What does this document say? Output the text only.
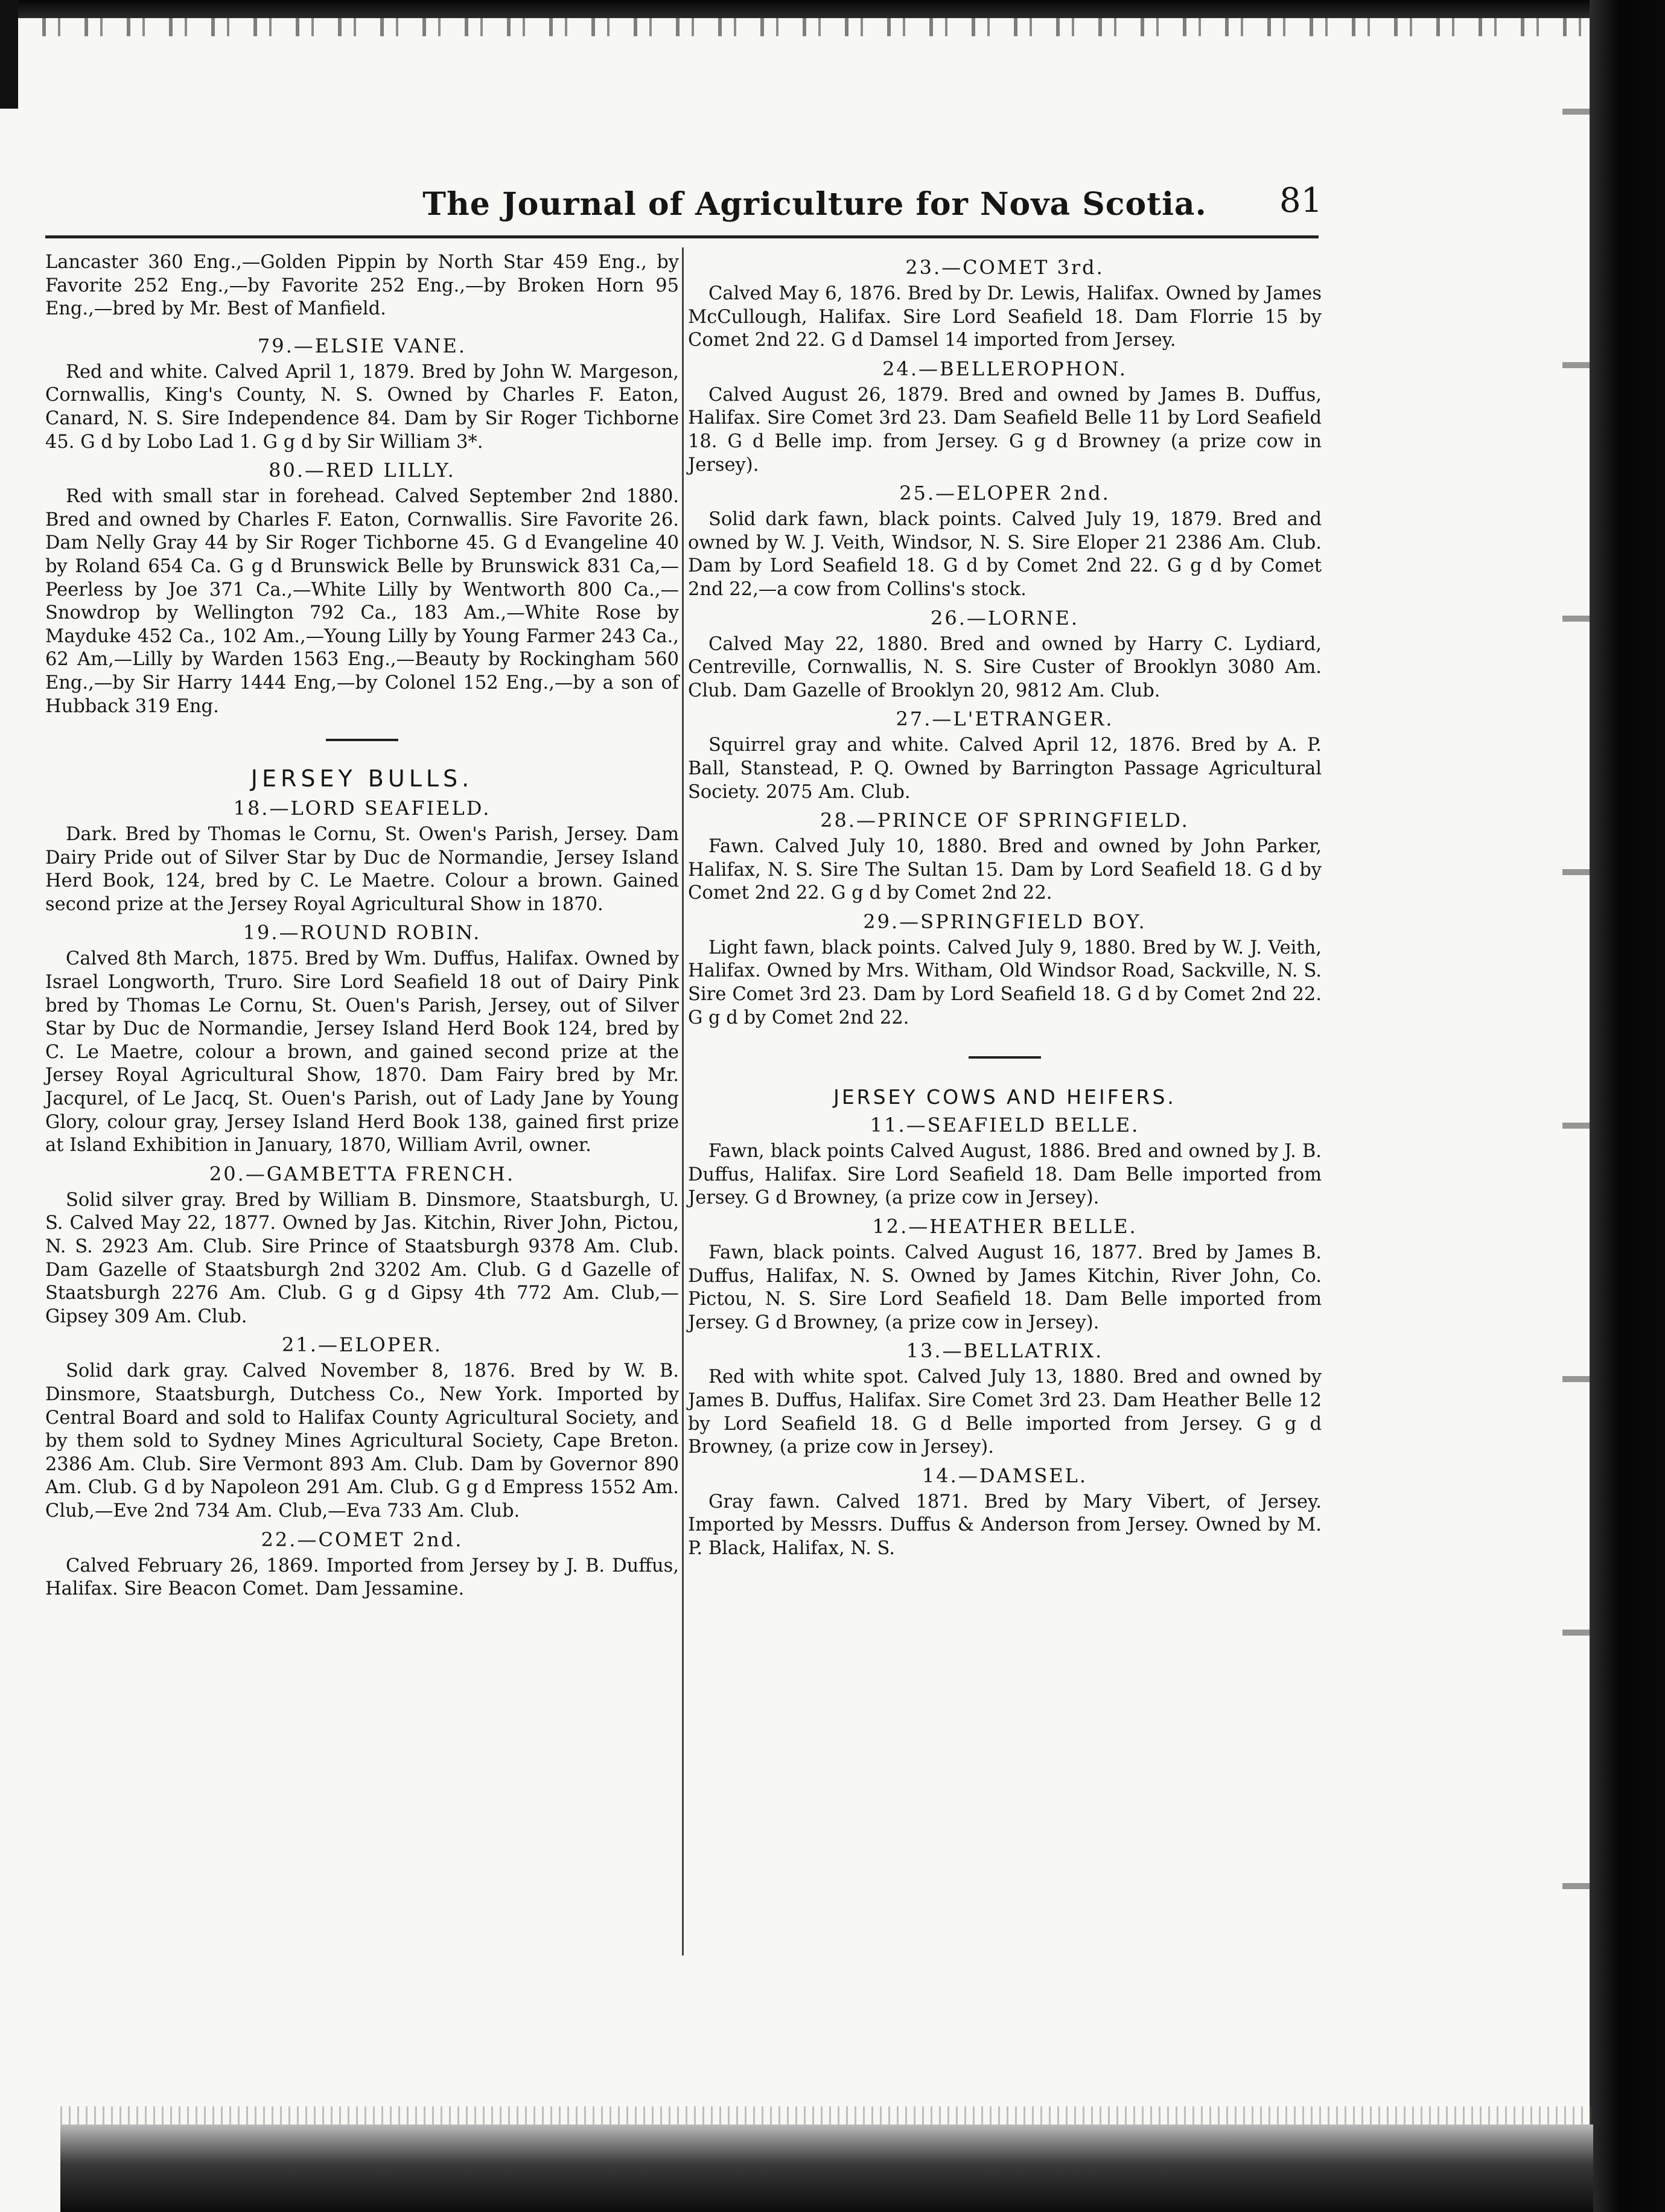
The Journal of Agriculture for Nova Scotia.	81

Lancaster 360 Eng.,—Golden Pippin by North Star 459 Eng., by Favorite 252 Eng.,—by Favorite 252 Eng.,—by Broken Horn 95 Eng.,—bred by Mr. Best of Manfield.

79.—ELSIE VANE.

Red and white. Calved April 1, 1879. Bred by John W. Margeson, Cornwallis, King's County, N. S. Owned by Charles F. Eaton, Canard, N. S. Sire Independence 84. Dam by Sir Roger Tichborne 45. G d by Lobo Lad 1. G g d by Sir William 3*.

80.—RED LILLY.

Red with small star in forehead. Calved September 2nd 1880. Bred and owned by Charles F. Eaton, Cornwallis. Sire Favorite 26. Dam Nelly Gray 44 by Sir Roger Tichborne 45. G d Evangeline 40 by Roland 654 Ca. G g d Brunswick Belle by Brunswick 831 Ca,—Peerless by Joe 371 Ca.,—White Lilly by Wentworth 800 Ca.,—Snowdrop by Wellington 792 Ca., 183 Am.,—White Rose by Mayduke 452 Ca., 102 Am.,—Young Lilly by Young Farmer 243 Ca., 62 Am,—Lilly by Warden 1563 Eng.,—Beauty by Rockingham 560 Eng.,—by Sir Harry 1444 Eng,—by Colonel 152 Eng.,—by a son of Hubback 319 Eng.

JERSEY BULLS.
18.—LORD SEAFIELD.

Dark. Bred by Thomas le Cornu, St. Owen's Parish, Jersey. Dam Dairy Pride out of Silver Star by Duc de Normandie, Jersey Island Herd Book, 124, bred by C. Le Maetre. Colour a brown. Gained second prize at the Jersey Royal Agricultural Show in 1870.

19.—ROUND ROBIN.

Calved 8th March, 1875. Bred by Wm. Duffus, Halifax. Owned by Israel Longworth, Truro. Sire Lord Seafield 18 out of Dairy Pink bred by Thomas Le Cornu, St. Ouen's Parish, Jersey, out of Silver Star by Duc de Normandie, Jersey Island Herd Book 124, bred by C. Le Maetre, colour a brown, and gained second prize at the Jersey Royal Agricultural Show, 1870. Dam Fairy bred by Mr. Jacqurel, of Le Jacq, St. Ouen's Parish, out of Lady Jane by Young Glory, colour gray, Jersey Island Herd Book 138, gained first prize at Island Exhibition in January, 1870, William Avril, owner.

20.—GAMBETTA FRENCH.

Solid silver gray. Bred by William B. Dinsmore, Staatsburgh, U. S. Calved May 22, 1877. Owned by Jas. Kitchin, River John, Pictou, N. S. 2923 Am. Club. Sire Prince of Staatsburgh 9378 Am. Club. Dam Gazelle of Staatsburgh 2nd 3202 Am. Club. G d Gazelle of Staatsburgh 2276 Am. Club. G g d Gipsy 4th 772 Am. Club,—Gipsey 309 Am. Club.

21.—ELOPER.

Solid dark gray. Calved November 8, 1876. Bred by W. B. Dinsmore, Staatsburgh, Dutchess Co., New York. Imported by Central Board and sold to Halifax County Agricultural Society, and by them sold to Sydney Mines Agricultural Society, Cape Breton. 2386 Am. Club. Sire Vermont 893 Am. Club. Dam by Governor 890 Am. Club. G d by Napoleon 291 Am. Club. G g d Empress 1552 Am. Club,—Eve 2nd 734 Am. Club,—Eva 733 Am. Club.

22.—COMET 2nd.

Calved February 26, 1869. Imported from Jersey by J. B. Duffus, Halifax. Sire Beacon Comet. Dam Jessamine.

23.—COMET 3rd.

Calved May 6, 1876. Bred by Dr. Lewis, Halifax. Owned by James McCullough, Halifax. Sire Lord Seafield 18. Dam Florrie 15 by Comet 2nd 22. G d Damsel 14 imported from Jersey.

24.—BELLEROPHON.

Calved August 26, 1879. Bred and owned by James B. Duffus, Halifax. Sire Comet 3rd 23. Dam Seafield Belle 11 by Lord Seafield 18. G d Belle imp. from Jersey. G g d Browney (a prize cow in Jersey).

25.—ELOPER 2nd.

Solid dark fawn, black points. Calved July 19, 1879. Bred and owned by W. J. Veith, Windsor, N. S. Sire Eloper 21 2386 Am. Club. Dam by Lord Seafield 18. G d by Comet 2nd 22. G g d by Comet 2nd 22,—a cow from Collins's stock.

26.—LORNE.

Calved May 22, 1880. Bred and owned by Harry C. Lydiard, Centreville, Cornwallis, N. S. Sire Custer of Brooklyn 3080 Am. Club. Dam Gazelle of Brooklyn 20, 9812 Am. Club.

27.—L'ETRANGER.

Squirrel gray and white. Calved April 12, 1876. Bred by A. P. Ball, Stanstead, P. Q. Owned by Barrington Passage Agricultural Society. 2075 Am. Club.

28.—PRINCE OF SPRINGFIELD.

Fawn. Calved July 10, 1880. Bred and owned by John Parker, Halifax, N. S. Sire The Sultan 15. Dam by Lord Seafield 18. G d by Comet 2nd 22. G g d by Comet 2nd 22.

29.—SPRINGFIELD BOY.

Light fawn, black points. Calved July 9, 1880. Bred by W. J. Veith, Halifax. Owned by Mrs. Witham, Old Windsor Road, Sackville, N. S. Sire Comet 3rd 23. Dam by Lord Seafield 18. G d by Comet 2nd 22. G g d by Comet 2nd 22.

JERSEY COWS AND HEIFERS.
11.—SEAFIELD BELLE.

Fawn, black points Calved August, 1886. Bred and owned by J. B. Duffus, Halifax. Sire Lord Seafield 18. Dam Belle imported from Jersey. G d Browney, (a prize cow in Jersey).

12.—HEATHER BELLE.

Fawn, black points. Calved August 16, 1877. Bred by James B. Duffus, Halifax, N. S. Owned by James Kitchin, River John, Co. Pictou, N. S. Sire Lord Seafield 18. Dam Belle imported from Jersey. G d Browney, (a prize cow in Jersey).

13.—BELLATRIX.

Red with white spot. Calved July 13, 1880. Bred and owned by James B. Duffus, Halifax. Sire Comet 3rd 23. Dam Heather Belle 12 by Lord Seafield 18. G d Belle imported from Jersey. G g d Browney, (a prize cow in Jersey).

14.—DAMSEL.

Gray fawn. Calved 1871. Bred by Mary Vibert, of Jersey. Imported by Messrs. Duffus & Anderson from Jersey. Owned by M. P. Black, Halifax, N. S.
